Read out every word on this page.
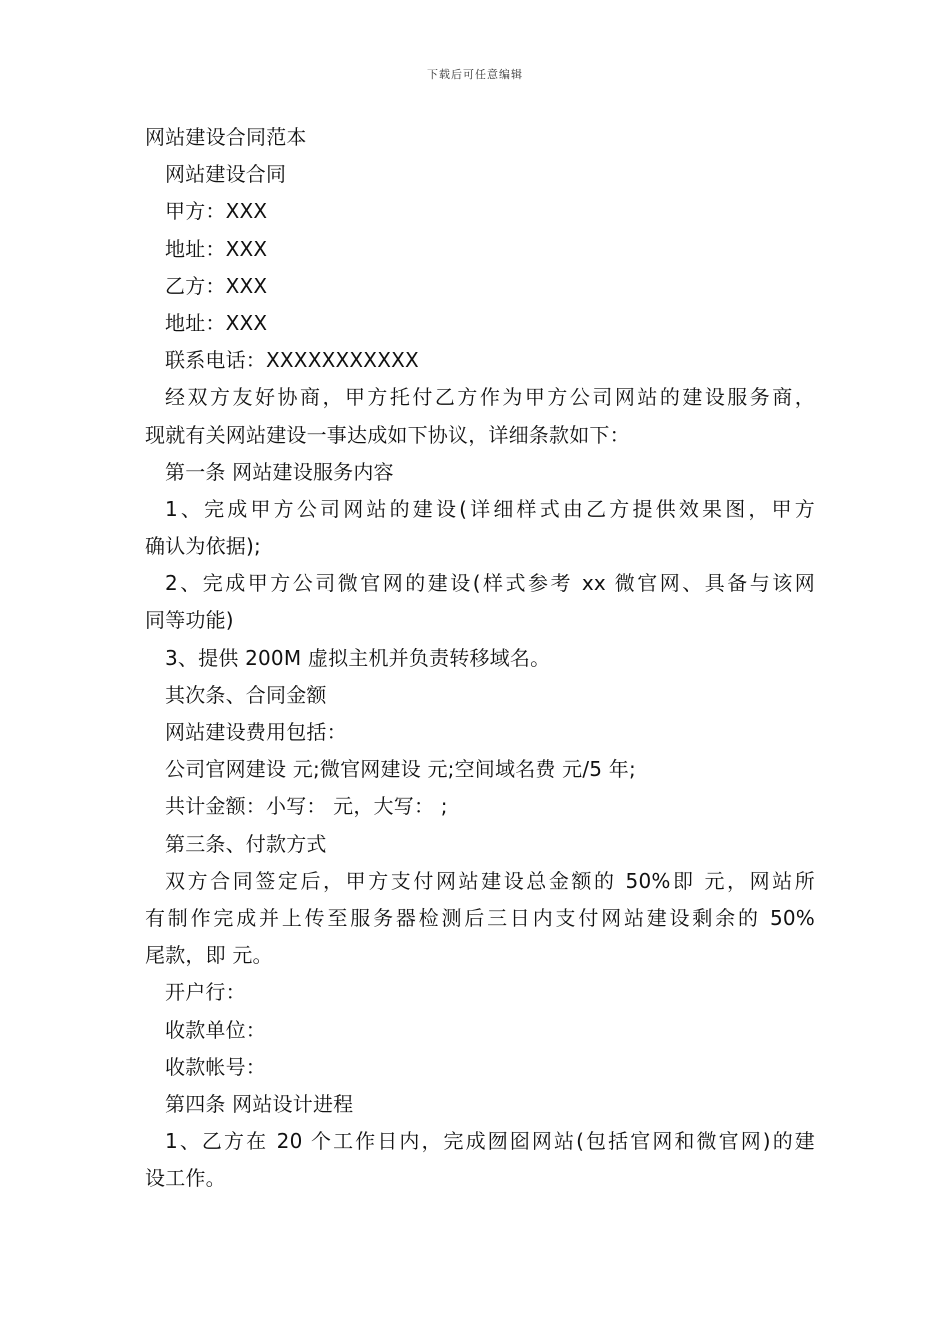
下载后可任意编辑
网站建设合同范本
网站建设合同
甲方：XXX
地址：XXX
乙方：XXX
地址：XXX
联系电话：XXXXXXXXXXX
经双方友好协商，甲方托付乙方作为甲方公司网站的建设服务商，
现就有关网站建设一事达成如下协议，详细条款如下：
第一条 网站建设服务内容
1、完成甲方公司网站的建设(详细样式由乙方提供效果图，甲方
确认为依据);
2、完成甲方公司微官网的建设(样式参考 xx 微官网、具备与该网
同等功能)
3、提供 200M 虚拟主机并负责转移域名。
其次条、合同金额
网站建设费用包括：
公司官网建设 元;微官网建设 元;空间域名费 元/5 年;
共计金额：小写： 元，大写： ;
第三条、付款方式
双方合同签定后，甲方支付网站建设总金额的 50%即 元，网站所
有制作完成并上传至服务器检测后三日内支付网站建设剩余的 50%
尾款，即 元。
开户行：
收款单位：
收款帐号：
第四条 网站设计进程
1、乙方在 20 个工作日内，完成囫囵网站(包括官网和微官网)的建
设工作。
